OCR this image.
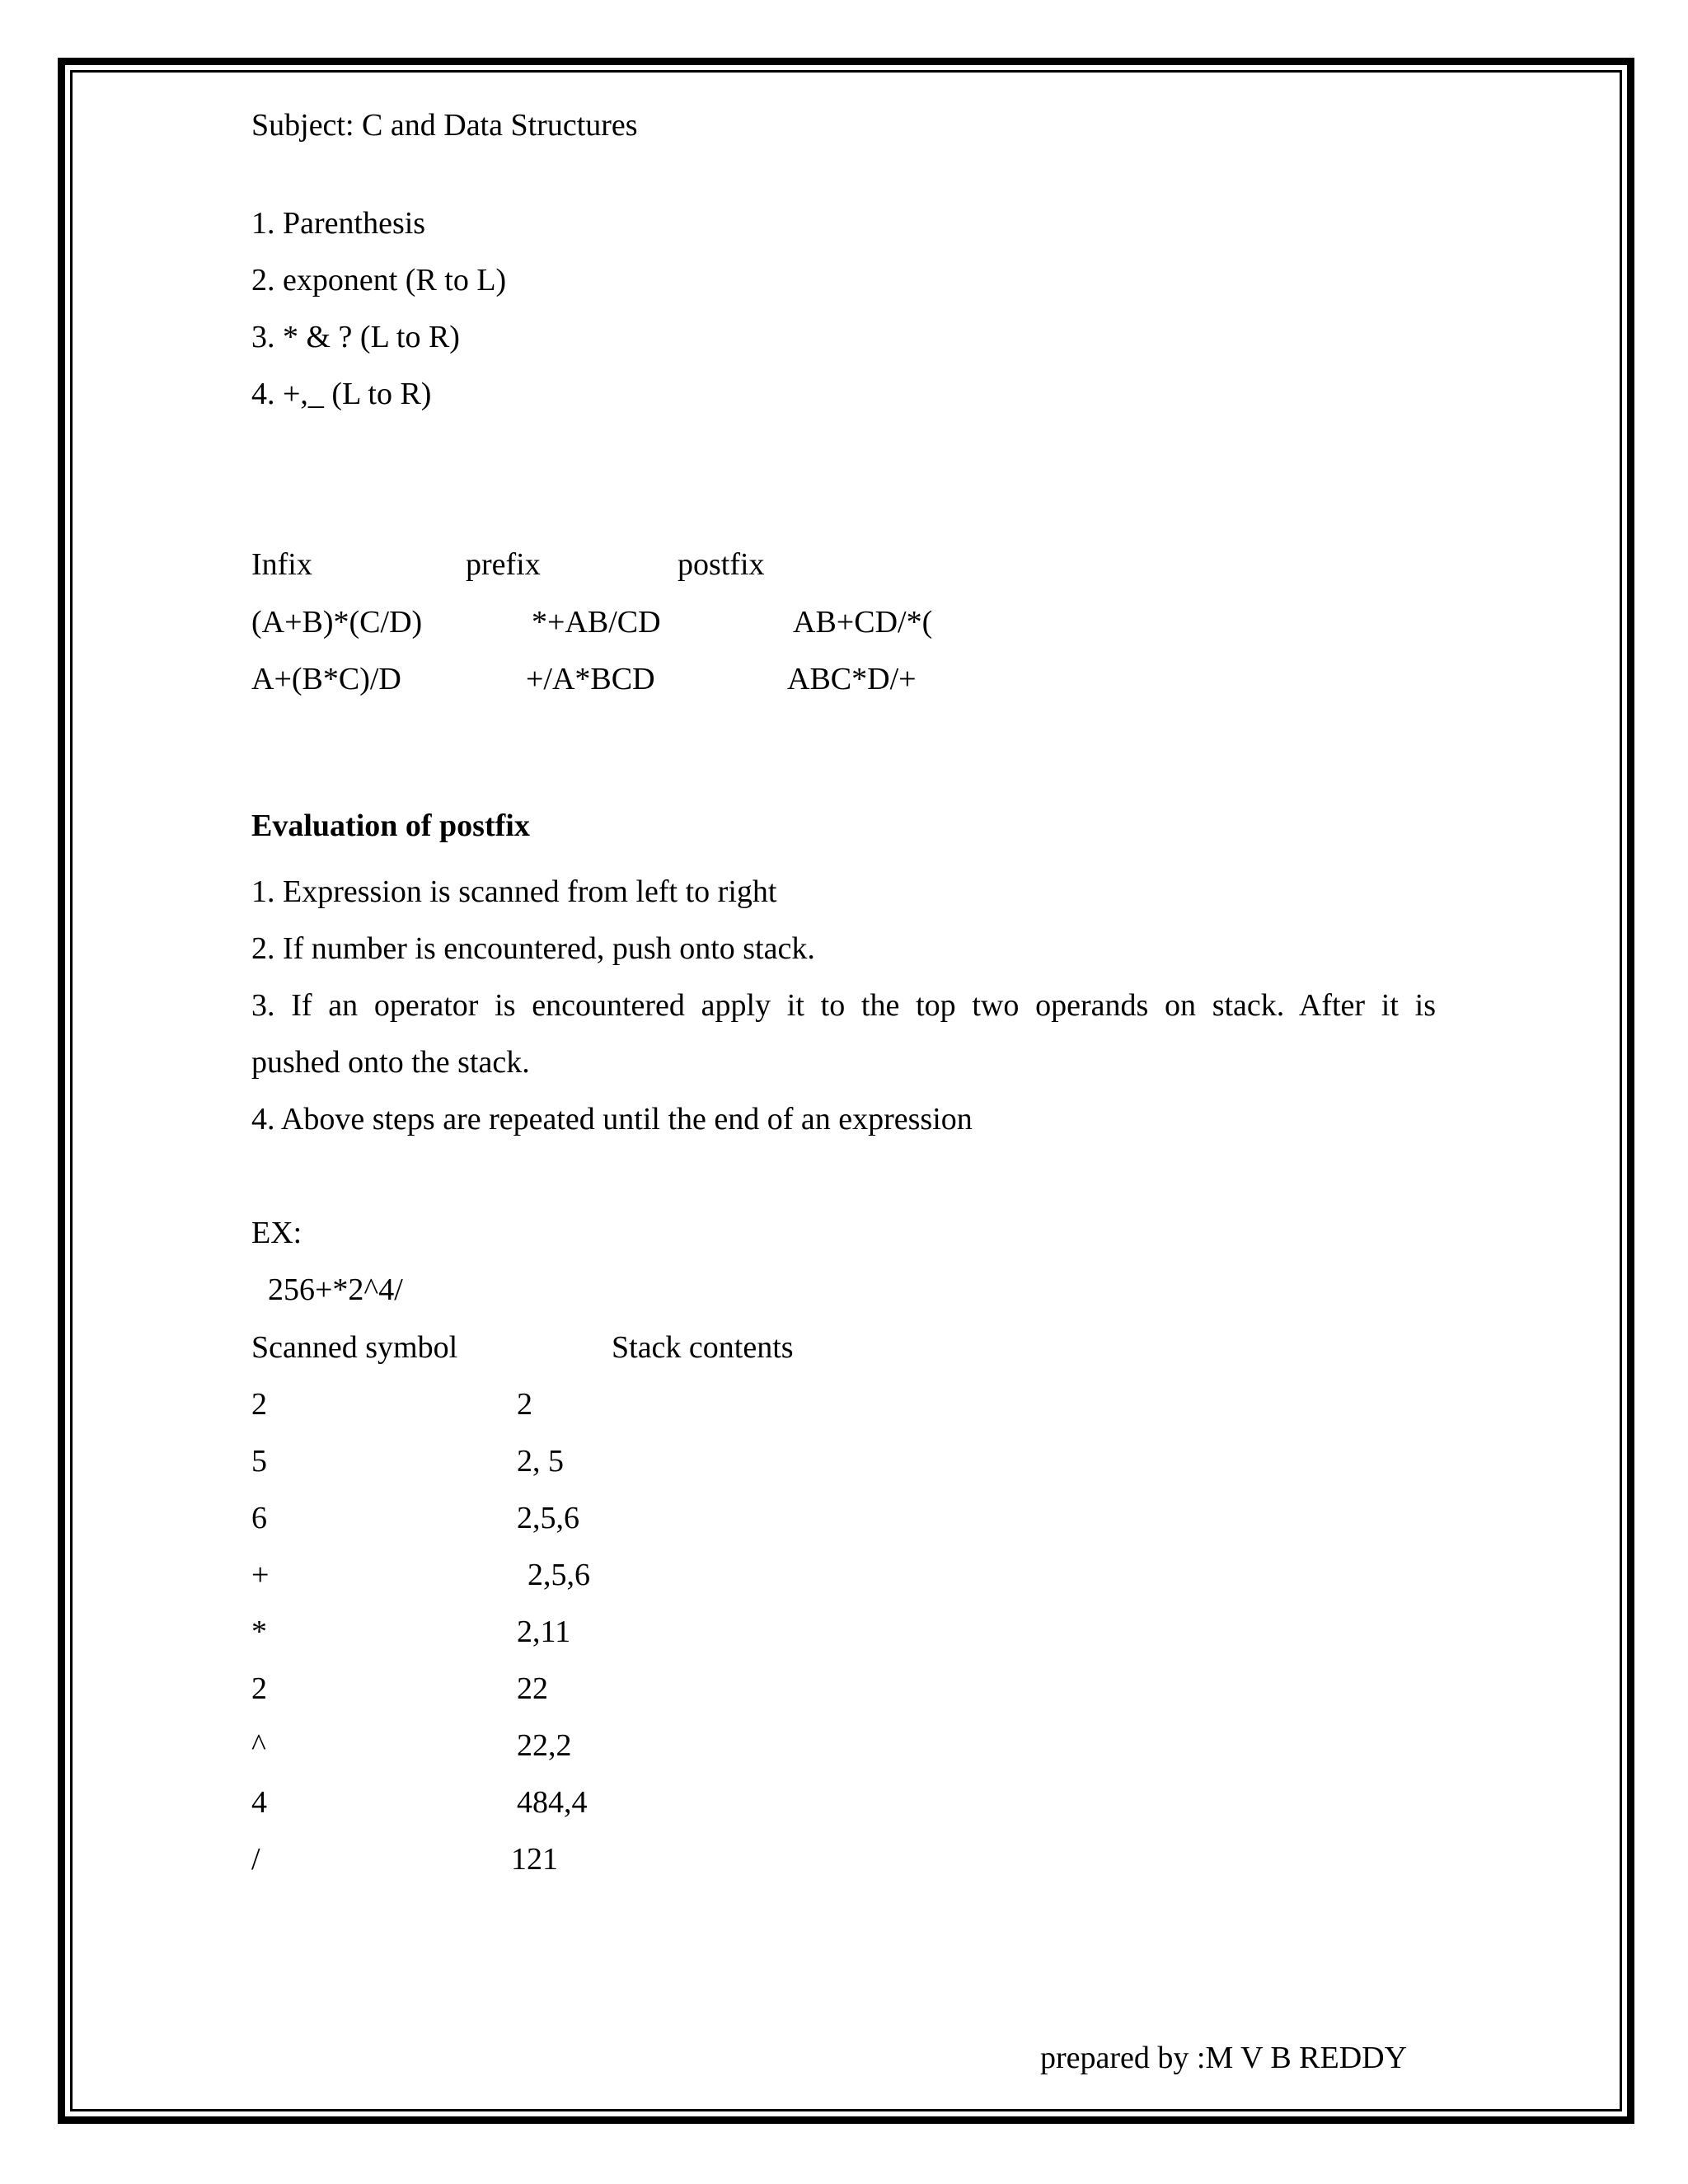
Subject: C and Data Structures
1. Parenthesis
2. exponent (R to L)
3. * & ? (L to R)
4. +,_ (L to R)
Infix	prefix	postfix
(A+B)*(C/D)	*+AB/CD	AB+CD/*(
A+(B*C)/D	+/A*BCD	ABC*D/+
Evaluation of postfix
1. Expression is scanned from left to right
2. If number is encountered, push onto stack.
3. If an operator is encountered apply it to the top two operands on stack. After it is
pushed onto the stack.
4. Above steps are repeated until the end of an expression
EX:
256+*2^4/
Scanned symbol	Stack contents
2	2
5	2, 5
6	2,5,6
+	2,5,6
*	2,11
2	22
^	22,2
4	484,4
/	121
prepared by :M V B REDDY
